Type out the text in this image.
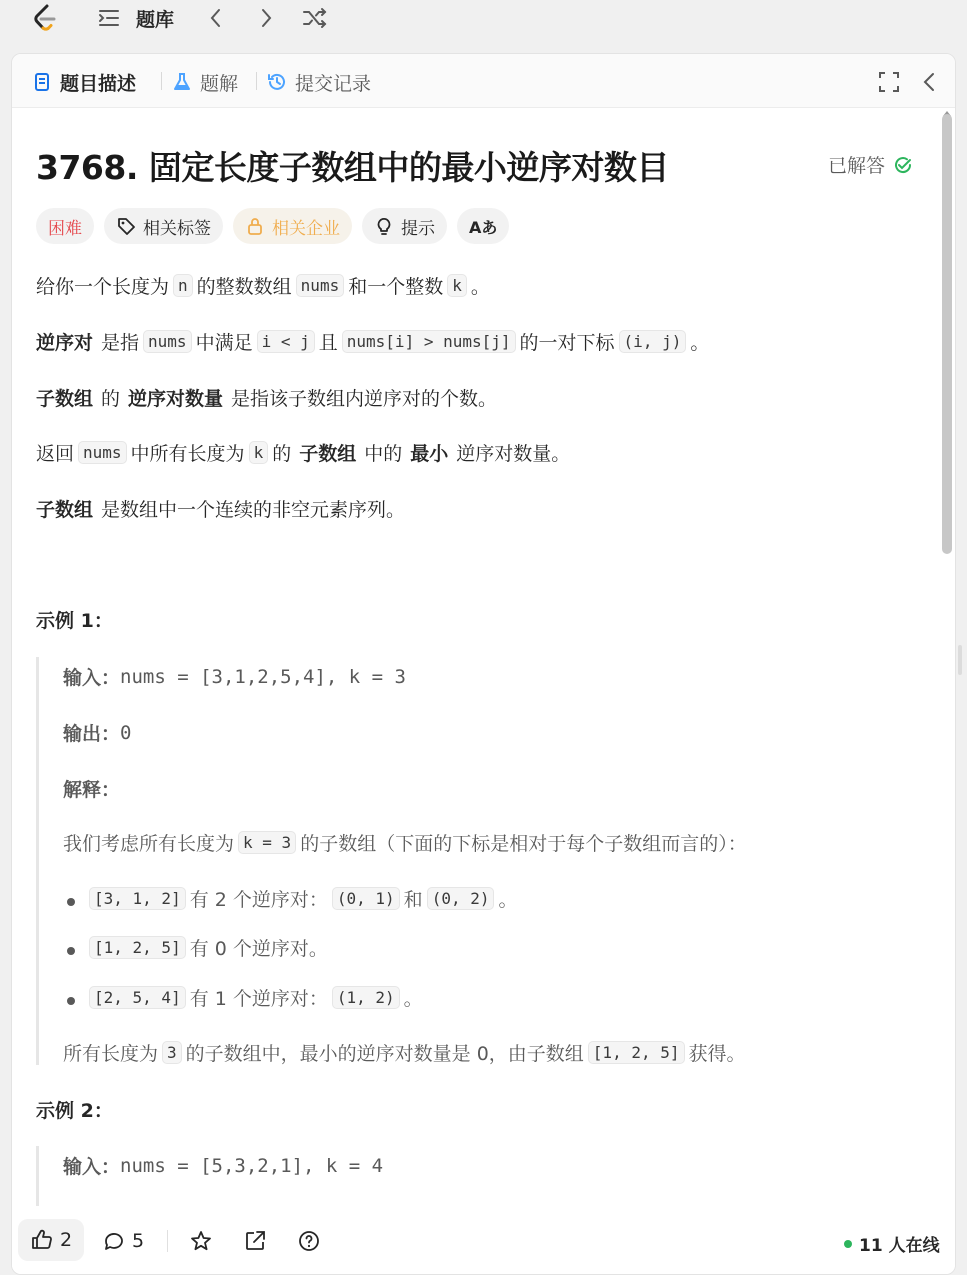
题库
题目描述	题解	提交记录
3768. 固定长度子数组中的最小逆序对数目	已解答
困难	相关标签	相关企业	提示 Aあ
给你一个长度为 n 的整数数组 nums 和一个整数 k 。
逆序对 是指 nums 中满足 i < j 且 nums[i] > nums[j] 的一对下标 (i, j) 。
子数组 的 逆序对数量 是指该子数组内逆序对的个数。
返回 nums 中所有长度为 k 的 子数组 中的 最小 逆序对数量。
子数组 是数组中一个连续的非空元素序列。
示例 1：
输入： nums = [3,1,2,5,4], k = 3
输出： 0
解释：
我们考虑所有长度为 k = 3 的子数组（下面的下标是相对于每个子数组而言的）：
[3, 1, 2] 有 2 个逆序对： (0, 1) 和 (0, 2) 。
[1, 2, 5] 有 0 个逆序对。
[2, 5, 4] 有 1 个逆序对： (1, 2) 。
所有长度为 3 的子数组中，最小的逆序对数量是 0，由子数组 [1, 2, 5] 获得。
示例 2：
输入： nums = [5,3,2,1], k = 4
2	5	11 人在线
